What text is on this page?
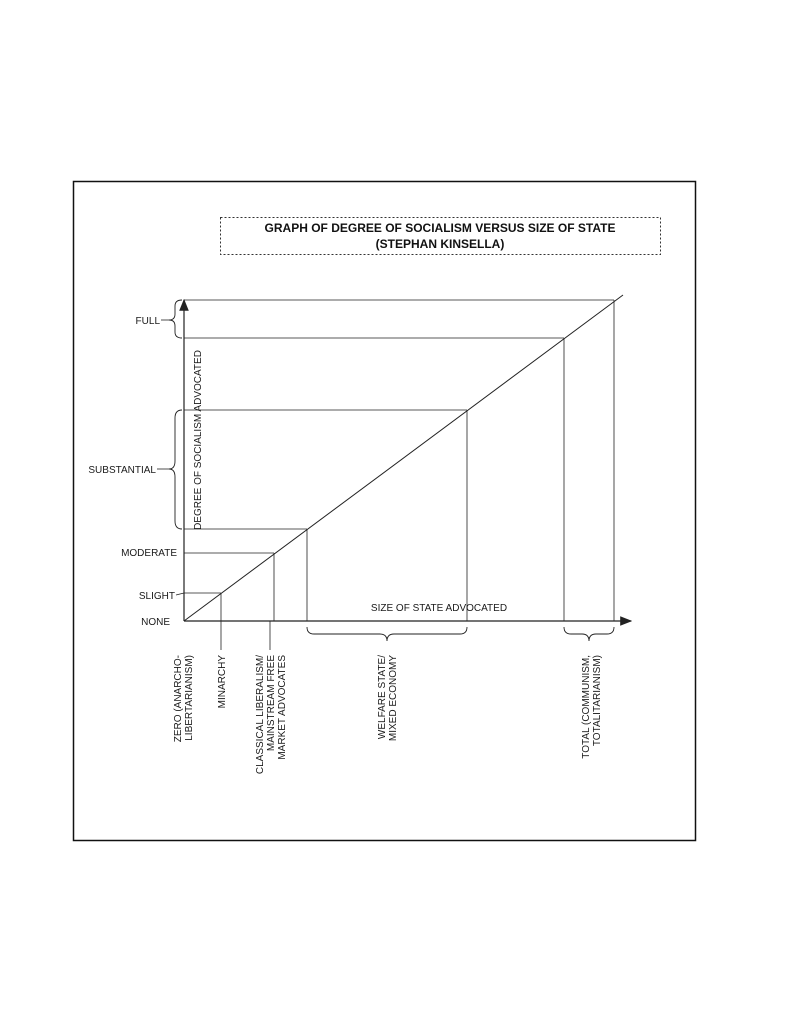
GRAPH OF DEGREE OF SOCIALISM VERSUS SIZE OF STATE
(STEPHAN KINSELLA)
FULL
SUBSTANTIAL
MODERATE
SLIGHT
NONE
DEGREE OF SOCIALISM ADVOCATED
SIZE OF STATE ADVOCATED
ZERO (ANARCHO- LIBERTARIANISM) MINARCHY	CLASSICAL LIBERALISM/ MAINSTREAM FREE MARKET ADVOCATES	WELFARE STATE/ MIXED ECONOMY	TOTAL (COMMUNISM, TOTALITARIANISM)
